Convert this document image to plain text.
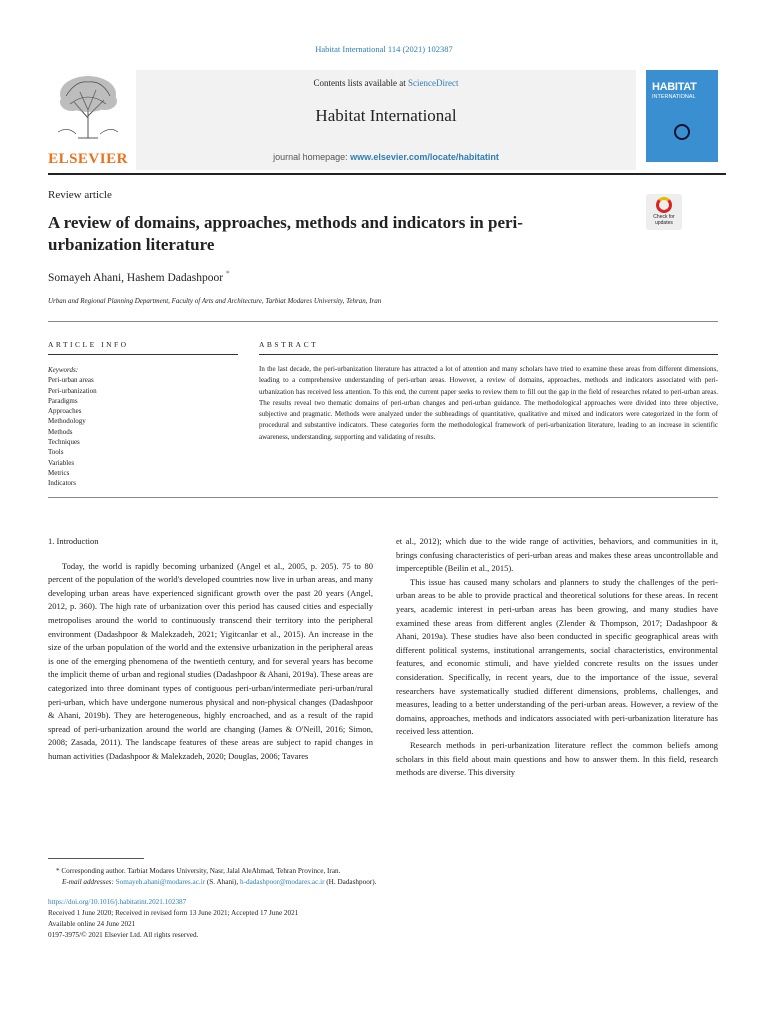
Habitat International 114 (2021) 102387
ELSEVIER
Contents lists available at ScienceDirect
Habitat International
journal homepage: www.elsevier.com/locate/habitatint
HABITAT
INTERNATIONAL
Review article
A review of domains, approaches, methods and indicators in peri-urbanization literature
Check for
updates
Somayeh Ahani, Hashem Dadashpoor *
Urban and Regional Planning Department, Faculty of Arts and Architecture, Tarbiat Modares University, Tehran, Iran
ARTICLE INFO	ABSTRACT
Keywords:
Peri-urban areas
Peri-urbanization
Paradigms
Approaches
Methodology
Methods
Techniques
Tools
Variables
Metrics
Indicators
In the last decade, the peri-urbanization literature has attracted a lot of attention and many scholars have tried to examine these areas from different dimensions, leading to a comprehensive understanding of peri-urban areas. However, a review of domains, approaches, methods and indicators associated with peri-urbanization has received less attention. To this end, the current paper seeks to review them to fill out the gap in the field of researches related to peri-urban areas. The results reveal two thematic domains of peri-urban changes and peri-urban guidance. The methodological approaches were divided into three objective, subjective and pragmatic. Methods were analyzed under the subheadings of quantitative, qualitative and mixed and indicators were categorized in the form of procedural and substantive indicators. These categories form the methodological framework of peri-urbanization literature, leading to an increase in scientific awareness, understanding, supporting and validating of results.
1. Introduction

Today, the world is rapidly becoming urbanized (Angel et al., 2005, p. 205). 75 to 80 percent of the population of the world's developed countries now live in urban areas, and many developing urban areas have experienced significant growth over the past 20 years (Angel, 2012, p. 360). The high rate of urbanization over this period has caused cities and especially metropolises around the world to continuously transcend their territory into the peripheral environment (Dadashpoor & Malekzadeh, 2021; Yigitcanlar et al., 2015). An increase in the size of the urban population of the world and the extensive urbanization in the peripheral areas is one of the emerging phenomena of the twentieth century, and for several years has become the implicit theme of urban and regional studies (Dadashpoor & Ahani, 2019a). These areas are categorized into three dominant types of contiguous peri-urban/intermediate peri-urban/rural peri-urban, which have undergone numerous physical and non-physical changes (Dadashpoor & Ahani, 2019b). They are heterogeneous, highly encroached, and as a result of the rapid spread of peri-urbanization around the world are changing (James & O'Neill, 2016; Simon, 2008; Zasada, 2011). The landscape features of these areas are subject to rapid changes in human activities (Dadashpoor & Malekzadeh, 2020; Douglas, 2006; Tavares

et al., 2012); which due to the wide range of activities, behaviors, and communities in it, brings confusing characteristics of peri-urban areas and makes these areas uncontrollable and imperceptible (Beilin et al., 2015).

This issue has caused many scholars and planners to study the challenges of the peri-urban areas to be able to provide practical and theoretical solutions for these areas. In recent years, academic interest in peri-urban areas has been growing, and many studies have examined these areas from different angles (Zlender & Thompson, 2017; Dadashpoor & Ahani, 2019a). These studies have also been conducted in specific geographical areas with different political systems, institutional arrangements, social characteristics, environmental features, and economic stimuli, and have yielded concrete results on the issues under consideration. Specifically, in recent years, due to the importance of the issue, several researchers have systematically studied different dimensions, problems, challenges, and measures, leading to a better understanding of the peri-urban areas. However, a review of the domains, approaches, methods and indicators associated with peri-urbanization literature has received less attention.

Research methods in peri-urbanization literature reflect the common beliefs among scholars in this field about main questions and how to answer them. In this field, research methods are diverse. This diversity

* Corresponding author. Tarbiat Modares University, Nasr, Jalal AleAhmad, Tehran Province, Iran.
E-mail addresses: Somayeh.ahani@modares.ac.ir (S. Ahani), h-dadashpoor@modares.ac.ir (H. Dadashpoor).
https://doi.org/10.1016/j.habitatint.2021.102387
Received 1 June 2020; Received in revised form 13 June 2021; Accepted 17 June 2021
Available online 24 June 2021
0197-3975/© 2021 Elsevier Ltd. All rights reserved.
